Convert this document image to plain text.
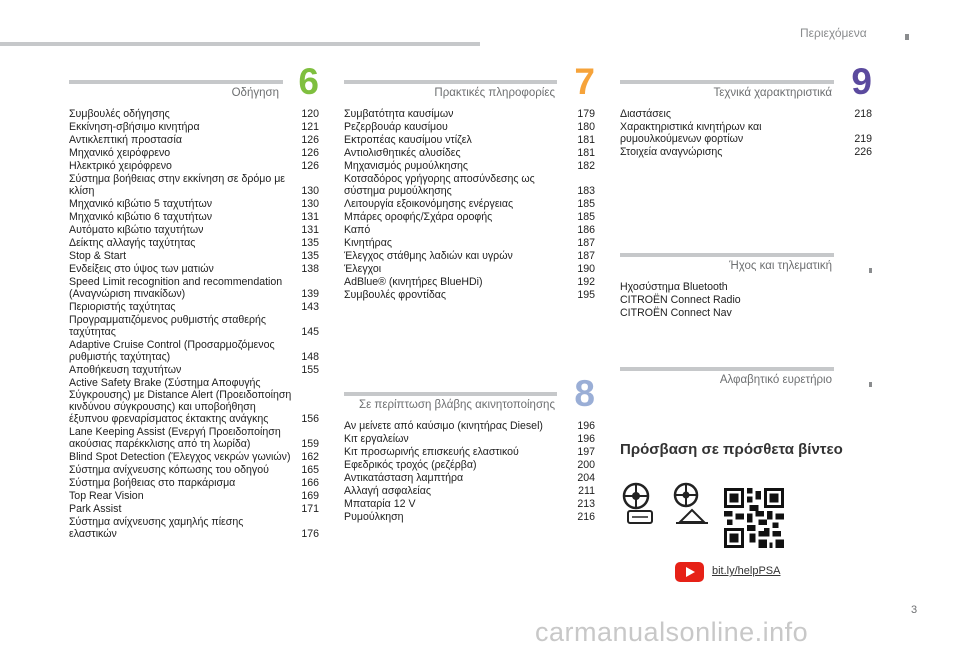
Περιεχόμενα
Οδήγηση 6
Συμβουλές οδήγησης	120
Εκκίνηση-σβήσιμο κινητήρα	121
Αντικλεπτική προστασία	126
Μηχανικό χειρόφρενο	126
Ηλεκτρικό χειρόφρενο	126
Σύστημα βοήθειας στην εκκίνηση σε δρόμο με κλίση	130
Μηχανικό κιβώτιο 5 ταχυτήτων	130
Μηχανικό κιβώτιο 6 ταχυτήτων	131
Αυτόματο κιβώτιο ταχυτήτων	131
Δείκτης αλλαγής ταχύτητας	135
Stop & Start	135
Ενδείξεις στο ύψος των ματιών	138
Speed Limit recognition and recommendation (Αναγνώριση πινακίδων)	139
Περιοριστής ταχύτητας	143
Προγραμματιζόμενος ρυθμιστής σταθερής ταχύτητας	145
Adaptive Cruise Control (Προσαρμοζόμενος ρυθμιστής ταχύτητας)	148
Αποθήκευση ταχυτήτων	155
Active Safety Brake (Σύστημα Αποφυγής Σύγκρουσης) με Distance Alert (Προειδοποίηση κινδύνου σύγκρουσης) και υποβοήθηση έξυπνου φρεναρίσματος έκτακτης ανάγκης	156
Lane Keeping Assist (Ενεργή Προειδοποίηση ακούσιας παρέκκλισης από τη λωρίδα)	159
Blind Spot Detection (Έλεγχος νεκρών γωνιών)	162
Σύστημα ανίχνευσης κόπωσης του οδηγού	165
Σύστημα βοήθειας στο παρκάρισμα	166
Top Rear Vision	169
Park Assist	171
Σύστημα ανίχνευσης χαμηλής πίεσης ελαστικών	176
Πρακτικές πληροφορίες 7
Συμβατότητα καυσίμων	179
Ρεζερβουάρ καυσίμου	180
Εκτροπέας καυσίμου ντίζελ	181
Αντιολισθητικές αλυσίδες	181
Μηχανισμός ρυμούλκησης	182
Κοτσαδόρος γρήγορης αποσύνδεσης ως σύστημα ρυμούλκησης	183
Λειτουργία εξοικονόμησης ενέργειας	185
Μπάρες οροφής/Σχάρα οροφής	185
Καπό	186
Κινητήρας	187
Έλεγχος στάθμης λαδιών και υγρών	187
Έλεγχοι	190
AdBlue® (κινητήρες BlueHDi)	192
Συμβουλές φροντίδας	195
Σε περίπτωση βλάβης ακινητοποίησης 8
Αν μείνετε από καύσιμο (κινητήρας Diesel)	196
Κιτ εργαλείων	196
Κιτ προσωρινής επισκευής ελαστικού	197
Εφεδρικός τροχός (ρεζέρβα)	200
Αντικατάσταση λαμπτήρα	204
Αλλαγή ασφαλείας	211
Μπαταρία 12 V	213
Ρυμούλκηση	216
Τεχνικά χαρακτηριστικά 9
Διαστάσεις	218
Χαρακτηριστικά κινητήρων και ρυμουλκούμενων φορτίων	219
Στοιχεία αναγνώρισης	226
Ήχος και τηλεματική
Ηχοσύστημα Bluetooth
CITROËN Connect Radio
CITROËN Connect Nav
Αλφαβητικό ευρετήριο
Πρόσβαση σε πρόσθετα βίντεο
bit.ly/helpPSA
3
carmanualsonline.info
